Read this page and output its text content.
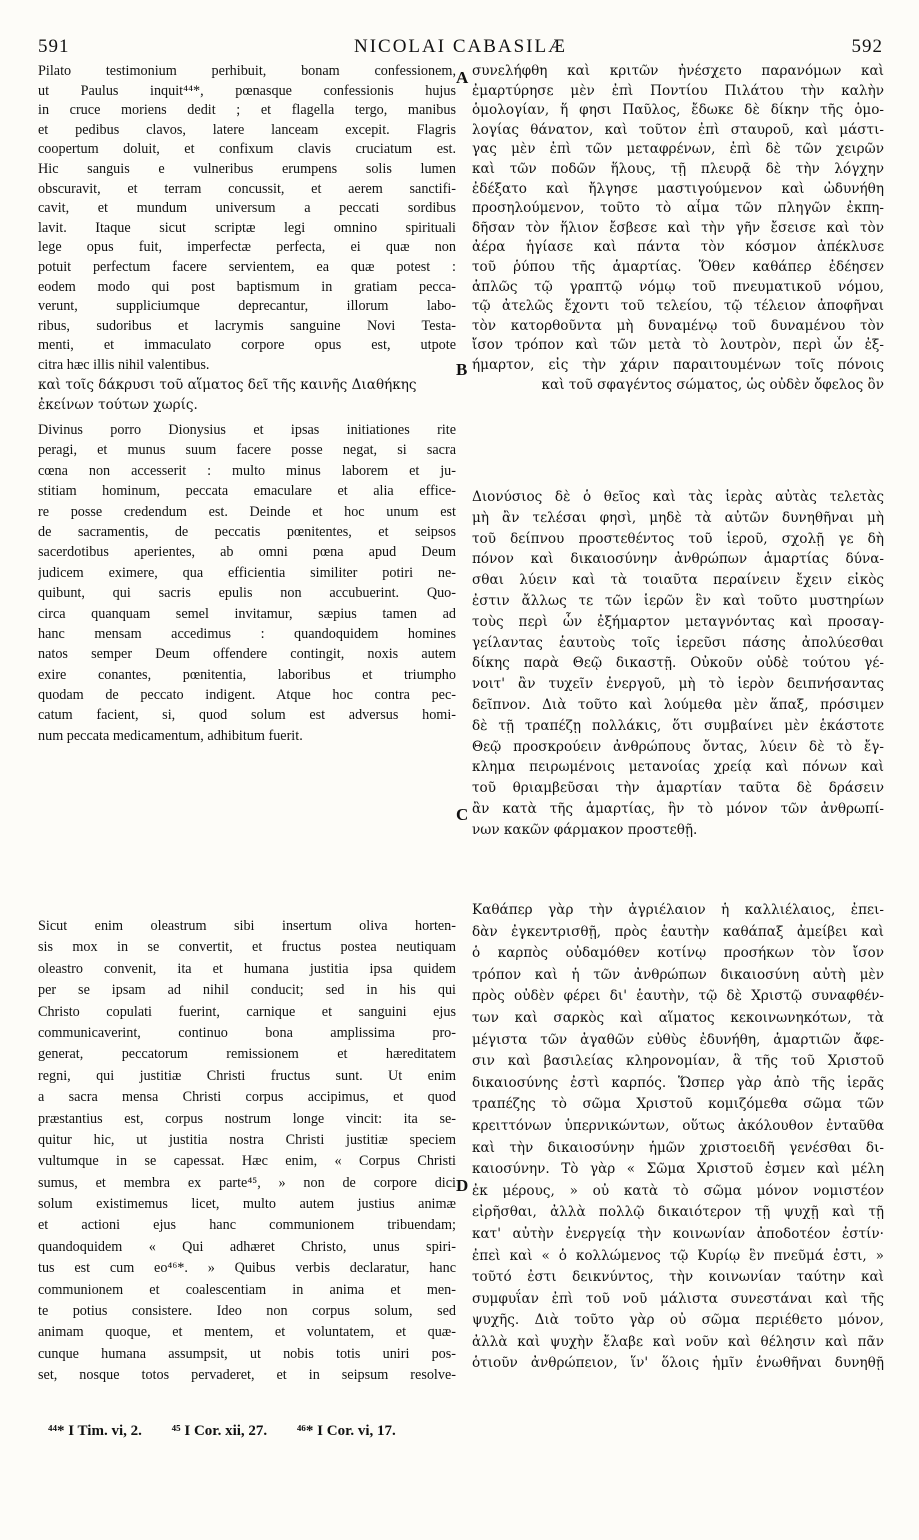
591	NICOLAI CABASILÆ	592
Pilato testimonium perhibuit, bonam confessionem,
ut Paulus inquit⁴⁴*, pœnasque confessionis hujus
in cruce moriens dedit ; et flagella tergo, manibus
et pedibus clavos, latere lanceam excepit. Flagris
coopertum doluit, et confixum clavis cruciatum est.
Hic sanguis e vulneribus erumpens solis lumen
obscuravit, et terram concussit, et aerem sanctifi-
cavit, et mundum universum a peccati sordibus
lavit. Itaque sicut scriptæ legi omnino spirituali
lege opus fuit, imperfectæ perfecta, ei quæ non
potuit perfectum facere servientem, ea quæ potest :
eodem modo qui post baptismum in gratiam pecca-
verunt, suppliciumque deprecantur, illorum labo-
ribus, sudoribus et lacrymis sanguine Novi Testa-
menti, et immaculato corpore opus est, utpote
citra hæc illis nihil valentibus.
συνελήφθη καὶ κριτῶν ἠνέσχετο παρανόμων καὶ
ἐμαρτύρησε μὲν ἐπὶ Ποντίου Πιλάτου τὴν καλὴν
ὁμολογίαν, ἥ φησι Παῦλος, ἔδωκε δὲ δίκην τῆς ὁμο-
λογίας θάνατον, καὶ τοῦτον ἐπὶ σταυροῦ, καὶ μάστι-
γας μὲν ἐπὶ τῶν μεταφρένων, ἐπὶ δὲ τῶν χειρῶν
καὶ τῶν ποδῶν ἥλους, τῇ πλευρᾷ δὲ τὴν λόγχην
ἐδέξατο καὶ ἤλγησε μαστιγούμενον καὶ ὠδυνήθη
προσηλούμενον, τοῦτο τὸ αἷμα τῶν πληγῶν ἐκπη-
δῆσαν τὸν ἥλιον ἔσβεσε καὶ τὴν γῆν ἔσεισε καὶ τὸν
ἀέρα ἡγίασε καὶ πάντα τὸν κόσμον ἀπέκλυσε
τοῦ ῥύπου τῆς ἁμαρτίας. Ὅθεν καθάπερ ἐδέησεν
ἁπλῶς τῷ γραπτῷ νόμῳ τοῦ πνευματικοῦ νόμου,
τῷ ἀτελῶς ἔχοντι τοῦ τελείου, τῷ τέλειον ἀποφῆναι
τὸν κατορθοῦντα μὴ δυναμένῳ τοῦ δυναμένου τὸν
ἴσον τρόπον καὶ τῶν μετὰ τὸ λουτρὸν, περὶ ὧν ἐξ-
ήμαρτον, εἰς τὴν χάριν παραιτουμένων τοῖς πόνοις
καὶ τοῖς δάκρυσι τοῦ αἵματος δεῖ τῆς καινῆς Διαθήκης	καὶ τοῦ σφαγέντος σώματος, ὡς οὐδὲν ὄφελος ὂν
ἐκείνων τούτων χωρίς.
Divinus porro Dionysius et ipsas initiationes rite
peragi, et munus suum facere posse negat, si sacra
cœna non accesserit : multo minus laborem et ju-
stitiam hominum, peccata emaculare et alia effice-
re posse credendum est. Deinde et hoc unum est
de sacramentis, de peccatis pœnitentes, et seipsos
sacerdotibus aperientes, ab omni pœna apud Deum
judicem eximere, qua efficientia similiter potiri ne-
quibunt, qui sacris epulis non accubuerint. Quo-
circa quanquam semel invitamur, sæpius tamen ad
hanc mensam accedimus : quandoquidem homines
natos semper Deum offendere contingit, noxis autem
exire conantes, pœnitentia, laboribus et triumpho
quodam de peccato indigent. Atque hoc contra pec-
catum facient, si, quod solum est adversus homi-
num peccata medicamentum, adhibitum fuerit.
Διονύσιος δὲ ὁ θεῖος καὶ τὰς ἱερὰς αὐτὰς τελετὰς
μὴ ἂν τελέσαι φησὶ, μηδὲ τὰ αὐτῶν δυνηθῆναι μὴ
τοῦ δείπνου προστεθέντος τοῦ ἱεροῦ, σχολῇ γε δὴ
πόνον καὶ δικαιοσύνην ἀνθρώπων ἁμαρτίας δύνα-
σθαι λύειν καὶ τὰ τοιαῦτα περαίνειν ἔχειν εἰκὸς
ἐστιν ἄλλως τε τῶν ἱερῶν ἓν καὶ τοῦτο μυστηρίων
τοὺς περὶ ὧν ἐξήμαρτον μεταγνόντας καὶ προσαγ-
γείλαντας ἑαυτοὺς τοῖς ἱερεῦσι πάσης ἀπολύεσθαι
δίκης παρὰ Θεῷ δικαστῇ. Οὐκοῦν οὐδὲ τούτου γέ-
νοιτ' ἂν τυχεῖν ἐνεργοῦ, μὴ τὸ ἱερὸν δειπνήσαντας
δεῖπνον. Διὰ τοῦτο καὶ λούμεθα μὲν ἅπαξ, πρόσιμεν
δὲ τῇ τραπέζῃ πολλάκις, ὅτι συμβαίνει μὲν ἑκάστοτε
Θεῷ προσκρούειν ἀνθρώπους ὄντας, λύειν δὲ τὸ ἔγ-
κλημα πειρωμένοις μετανοίας χρείᾳ καὶ πόνων καὶ
τοῦ θριαμβεῦσαι τὴν ἁμαρτίαν ταῦτα δὲ δράσειν
ἂν κατὰ τῆς ἁμαρτίας, ἣν τὸ μόνον τῶν ἀνθρωπί-
νων κακῶν φάρμακον προστεθῇ.
Sicut enim oleastrum sibi insertum oliva horten-
sis mox in se convertit, et fructus postea neutiquam
oleastro convenit, ita et humana justitia ipsa quidem
per se ipsam ad nihil conducit; sed in his qui
Christo copulati fuerint, carnique et sanguini ejus
communicaverint, continuo bona amplissima pro-
generat, peccatorum remissionem et hæreditatem
regni, qui justitiæ Christi fructus sunt. Ut enim
a sacra mensa Christi corpus accipimus, et quod
præstantius est, corpus nostrum longe vincit: ita se-
quitur hic, ut justitia nostra Christi justitiæ speciem
vultumque in se capessat. Hæc enim, « Corpus Christi
sumus, et membra ex parte⁴⁵, » non de corpore dici
solum existimemus licet, multo autem justius animæ
et actioni ejus hanc communionem tribuendam;
quandoquidem « Qui adhæret Christo, unus spiri-
tus est cum eo⁴⁶*. » Quibus verbis declaratur, hanc
communionem et coalescentiam in anima et men-
te potius consistere. Ideo non corpus solum, sed
animam quoque, et mentem, et voluntatem, et quæ-
cunque humana assumpsit, ut nobis totis uniri pos-
set, nosque totos pervaderet, et in seipsum resolve-
Καθάπερ γὰρ τὴν ἀγριέλαιον ἡ καλλιέλαιος, ἐπει-
δὰν ἐγκεντρισθῇ, πρὸς ἑαυτὴν καθάπαξ ἀμείβει καὶ
ὁ καρπὸς οὐδαμόθεν κοτίνῳ προσήκων τὸν ἴσον
τρόπον καὶ ἡ τῶν ἀνθρώπων δικαιοσύνη αὐτὴ μὲν
πρὸς οὐδὲν φέρει δι' ἑαυτὴν, τῷ δὲ Χριστῷ συναφθέν-
των καὶ σαρκὸς καὶ αἵματος κεκοινωνηκότων, τὰ
μέγιστα τῶν ἀγαθῶν εὐθὺς ἐδυνήθη, ἁμαρτιῶν ἄφε-
σιν καὶ βασιλείας κληρονομίαν, ἃ τῆς τοῦ Χριστοῦ
δικαιοσύνης ἐστὶ καρπός. Ὥσπερ γὰρ ἀπὸ τῆς ἱερᾶς
τραπέζης τὸ σῶμα Χριστοῦ κομιζόμεθα σῶμα τῶν
κρειττόνων ὑπερνικώντων, οὕτως ἀκόλουθον ἐνταῦθα
καὶ τὴν δικαιοσύνην ἡμῶν χριστοειδῆ γενέσθαι δι-
καιοσύνην. Τὸ γὰρ « Σῶμα Χριστοῦ ἐσμεν καὶ μέλη
ἐκ μέρους, » οὐ κατὰ τὸ σῶμα μόνον νομιστέον
εἰρῆσθαι, ἀλλὰ πολλῷ δικαιότερον τῇ ψυχῇ καὶ τῇ
κατ' αὐτὴν ἐνεργείᾳ τὴν κοινωνίαν ἀποδοτέον ἐστίν·
ἐπεὶ καὶ « ὁ κολλώμενος τῷ Κυρίῳ ἓν πνεῦμά ἐστι, »
τοῦτό ἐστι δεικνύντος, τὴν κοινωνίαν ταύτην καὶ
συμφυΐαν ἐπὶ τοῦ νοῦ μάλιστα συνεστάναι καὶ τῆς
ψυχῆς. Διὰ τοῦτο γὰρ οὐ σῶμα περιέθετο μόνον,
ἀλλὰ καὶ ψυχὴν ἔλαβε καὶ νοῦν καὶ θέλησιν καὶ πᾶν
ὁτιοῦν ἀνθρώπειον, ἵν' ὅλοις ἡμῖν ἑνωθῆναι δυνηθῇ
A
B
C
D
⁴⁴* I Tim. vi, 2. ⁴⁵ I Cor. xii, 27. ⁴⁶* I Cor. vi, 17.
